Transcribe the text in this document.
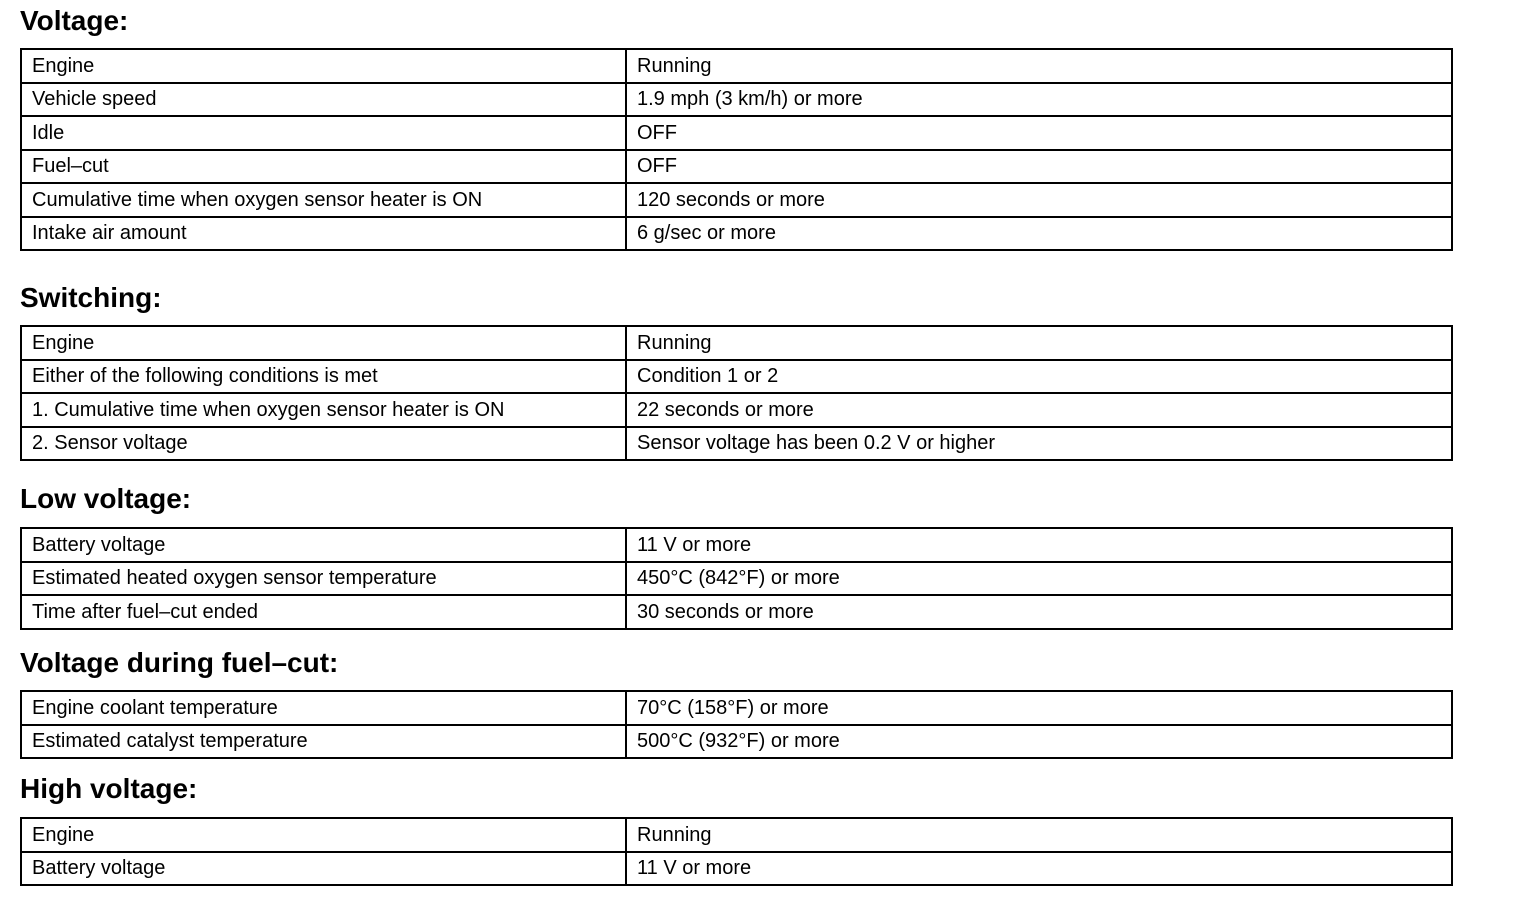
Voltage:
Engine	Running
Vehicle speed	1.9 mph (3 km/h) or more
Idle	OFF
Fuel–cut	OFF
Cumulative time when oxygen sensor heater is ON	120 seconds or more
Intake air amount	6 g/sec or more
Switching:
Engine	Running
Either of the following conditions is met	Condition 1 or 2
1. Cumulative time when oxygen sensor heater is ON	22 seconds or more
2. Sensor voltage	Sensor voltage has been 0.2 V or higher
Low voltage:
Battery voltage	11 V or more
Estimated heated oxygen sensor temperature	450°C (842°F) or more
Time after fuel–cut ended	30 seconds or more
Voltage during fuel–cut:
Engine coolant temperature	70°C (158°F) or more
Estimated catalyst temperature	500°C (932°F) or more
High voltage:
Engine	Running
Battery voltage	11 V or more
